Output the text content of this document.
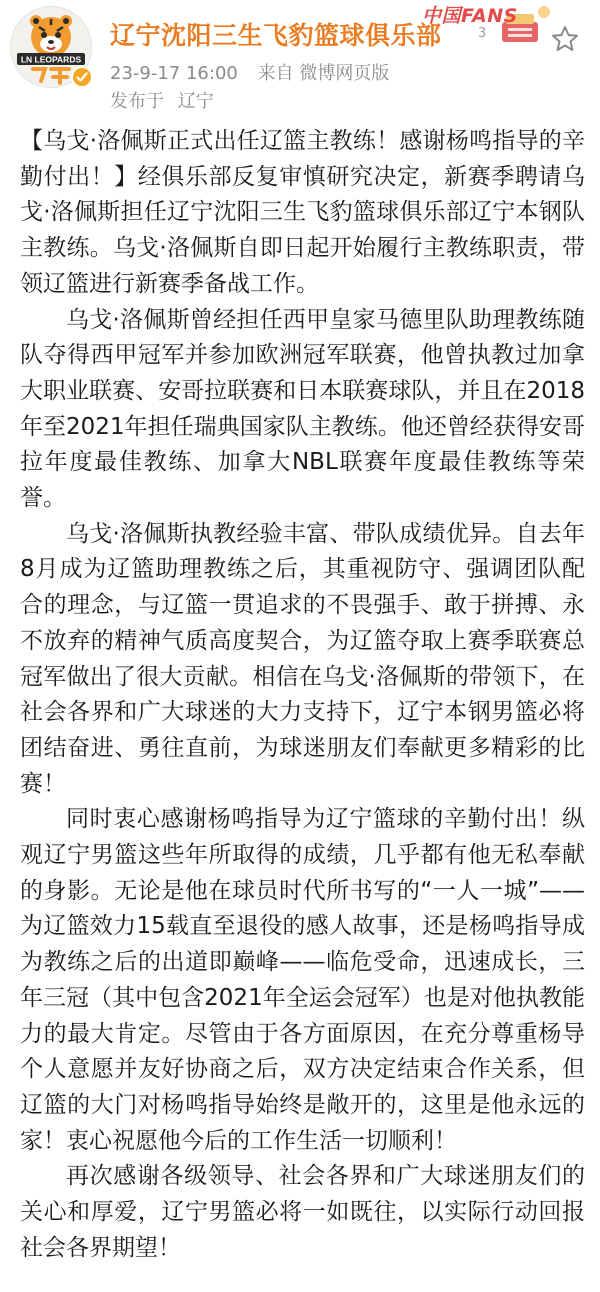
LN LEOPARDS
辽宁沈阳三生飞豹篮球俱乐部
中国FANS
3
23-9-17 16:00 来自 微博网页版
发布于 辽宁

【乌戈·洛佩斯正式出任辽篮主教练！感谢杨鸣指导的辛勤付出！】经俱乐部反复审慎研究决定，新赛季聘请乌戈·洛佩斯担任辽宁沈阳三生飞豹篮球俱乐部辽宁本钢队主教练。乌戈·洛佩斯自即日起开始履行主教练职责，带领辽篮进行新赛季备战工作。

乌戈·洛佩斯曾经担任西甲皇家马德里队助理教练随队夺得西甲冠军并参加欧洲冠军联赛，他曾执教过加拿大职业联赛、安哥拉联赛和日本联赛球队，并且在2018年至2021年担任瑞典国家队主教练。他还曾经获得安哥拉年度最佳教练、加拿大NBL联赛年度最佳教练等荣誉。

乌戈·洛佩斯执教经验丰富、带队成绩优异。自去年8月成为辽篮助理教练之后，其重视防守、强调团队配合的理念，与辽篮一贯追求的不畏强手、敢于拼搏、永不放弃的精神气质高度契合，为辽篮夺取上赛季联赛总冠军做出了很大贡献。相信在乌戈·洛佩斯的带领下，在社会各界和广大球迷的大力支持下，辽宁本钢男篮必将团结奋进、勇往直前，为球迷朋友们奉献更多精彩的比赛！

同时衷心感谢杨鸣指导为辽宁篮球的辛勤付出！纵观辽宁男篮这些年所取得的成绩，几乎都有他无私奉献的身影。无论是他在球员时代所书写的“一人一城”——为辽篮效力15载直至退役的感人故事，还是杨鸣指导成为教练之后的出道即巅峰——临危受命，迅速成长，三年三冠（其中包含2021年全运会冠军）也是对他执教能力的最大肯定。尽管由于各方面原因，在充分尊重杨导个人意愿并友好协商之后，双方决定结束合作关系，但辽篮的大门对杨鸣指导始终是敞开的，这里是他永远的家！衷心祝愿他今后的工作生活一切顺利！

再次感谢各级领导、社会各界和广大球迷朋友们的关心和厚爱，辽宁男篮必将一如既往，以实际行动回报社会各界期望！
